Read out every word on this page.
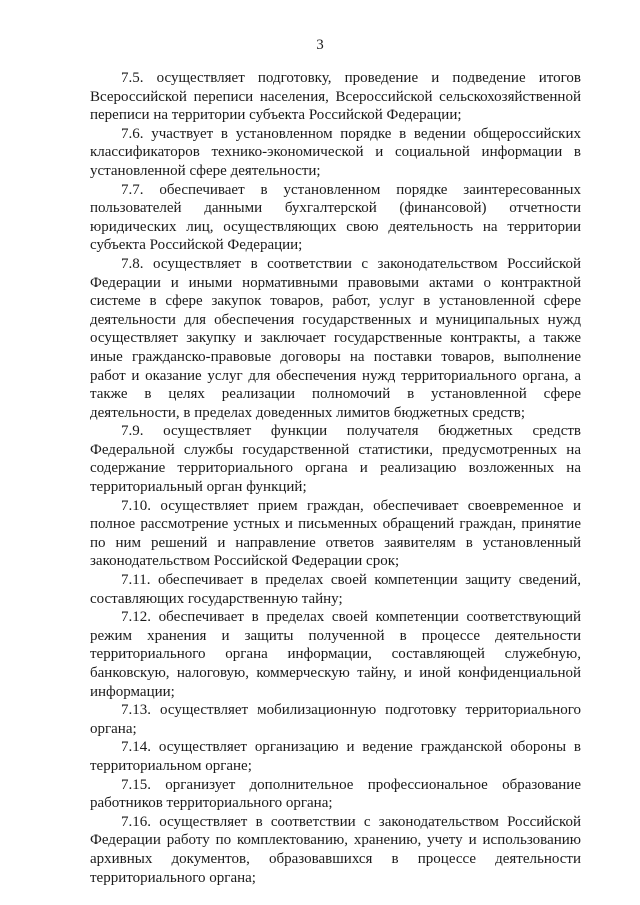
3

7.5. осуществляет подготовку, проведение и подведение итогов Всероссийской переписи населения, Всероссийской сельскохозяйственной переписи на территории субъекта Российской Федерации;

7.6. участвует в установленном порядке в ведении общероссийских классификаторов технико-экономической и социальной информации в установленной сфере деятельности;

7.7. обеспечивает в установленном порядке заинтересованных пользователей данными бухгалтерской (финансовой) отчетности юридических лиц, осуществляющих свою деятельность на территории субъекта Российской Федерации;

7.8. осуществляет в соответствии с законодательством Российской Федерации и иными нормативными правовыми актами о контрактной системе в сфере закупок товаров, работ, услуг в установленной сфере деятельности для обеспечения государственных и муниципальных нужд осуществляет закупку и заключает государственные контракты, а также иные гражданско-правовые договоры на поставки товаров, выполнение работ и оказание услуг для обеспечения нужд территориального органа, а также в целях реализации полномочий в установленной сфере деятельности, в пределах доведенных лимитов бюджетных средств;

7.9. осуществляет функции получателя бюджетных средств Федеральной службы государственной статистики, предусмотренных на содержание территориального органа и реализацию возложенных на территориальный орган функций;

7.10. осуществляет прием граждан, обеспечивает своевременное и полное рассмотрение устных и письменных обращений граждан, принятие по ним решений и направление ответов заявителям в установленный законодательством Российской Федерации срок;

7.11. обеспечивает в пределах своей компетенции защиту сведений, составляющих государственную тайну;

7.12. обеспечивает в пределах своей компетенции соответствующий режим хранения и защиты полученной в процессе деятельности территориального органа информации, составляющей служебную, банковскую, налоговую, коммерческую тайну, и иной конфиденциальной информации;

7.13. осуществляет мобилизационную подготовку территориального органа;

7.14. осуществляет организацию и ведение гражданской обороны в территориальном органе;

7.15. организует дополнительное профессиональное образование работников территориального органа;

7.16. осуществляет в соответствии с законодательством Российской Федерации работу по комплектованию, хранению, учету и использованию архивных документов, образовавшихся в процессе деятельности территориального органа;
